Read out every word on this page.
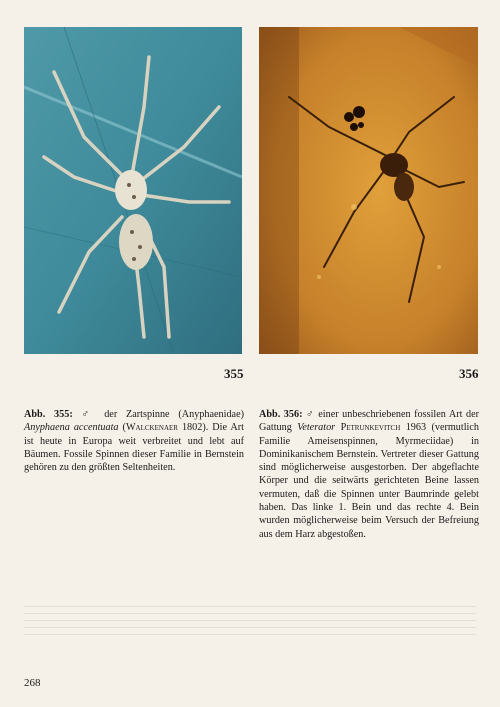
355	356
Abb. 355: ♂ der Zartspinne (Anyphaenidae) Anyphaena accentuata (Walckenaer 1802). Die Art ist heute in Europa weit verbreitet und lebt auf Bäumen. Fossile Spinnen dieser Familie in Bernstein gehören zu den größten Seltenheiten.
Abb. 356: ♂ einer unbeschriebenen fossilen Art der Gattung Veterator Petrunkevitch 1963 (vermutlich Familie Ameisenspinnen, Myrmeciidae) in Dominikanischem Bernstein. Vertreter dieser Gattung sind möglicherweise ausgestorben. Der abgeflachte Körper und die seitwärts gerichteten Beine lassen vermuten, daß die Spinnen unter Baumrinde gelebt haben. Das linke 1. Bein und das rechte 4. Bein wurden möglicherweise beim Versuch der Befreiung aus dem Harz abgestoßen.
268
